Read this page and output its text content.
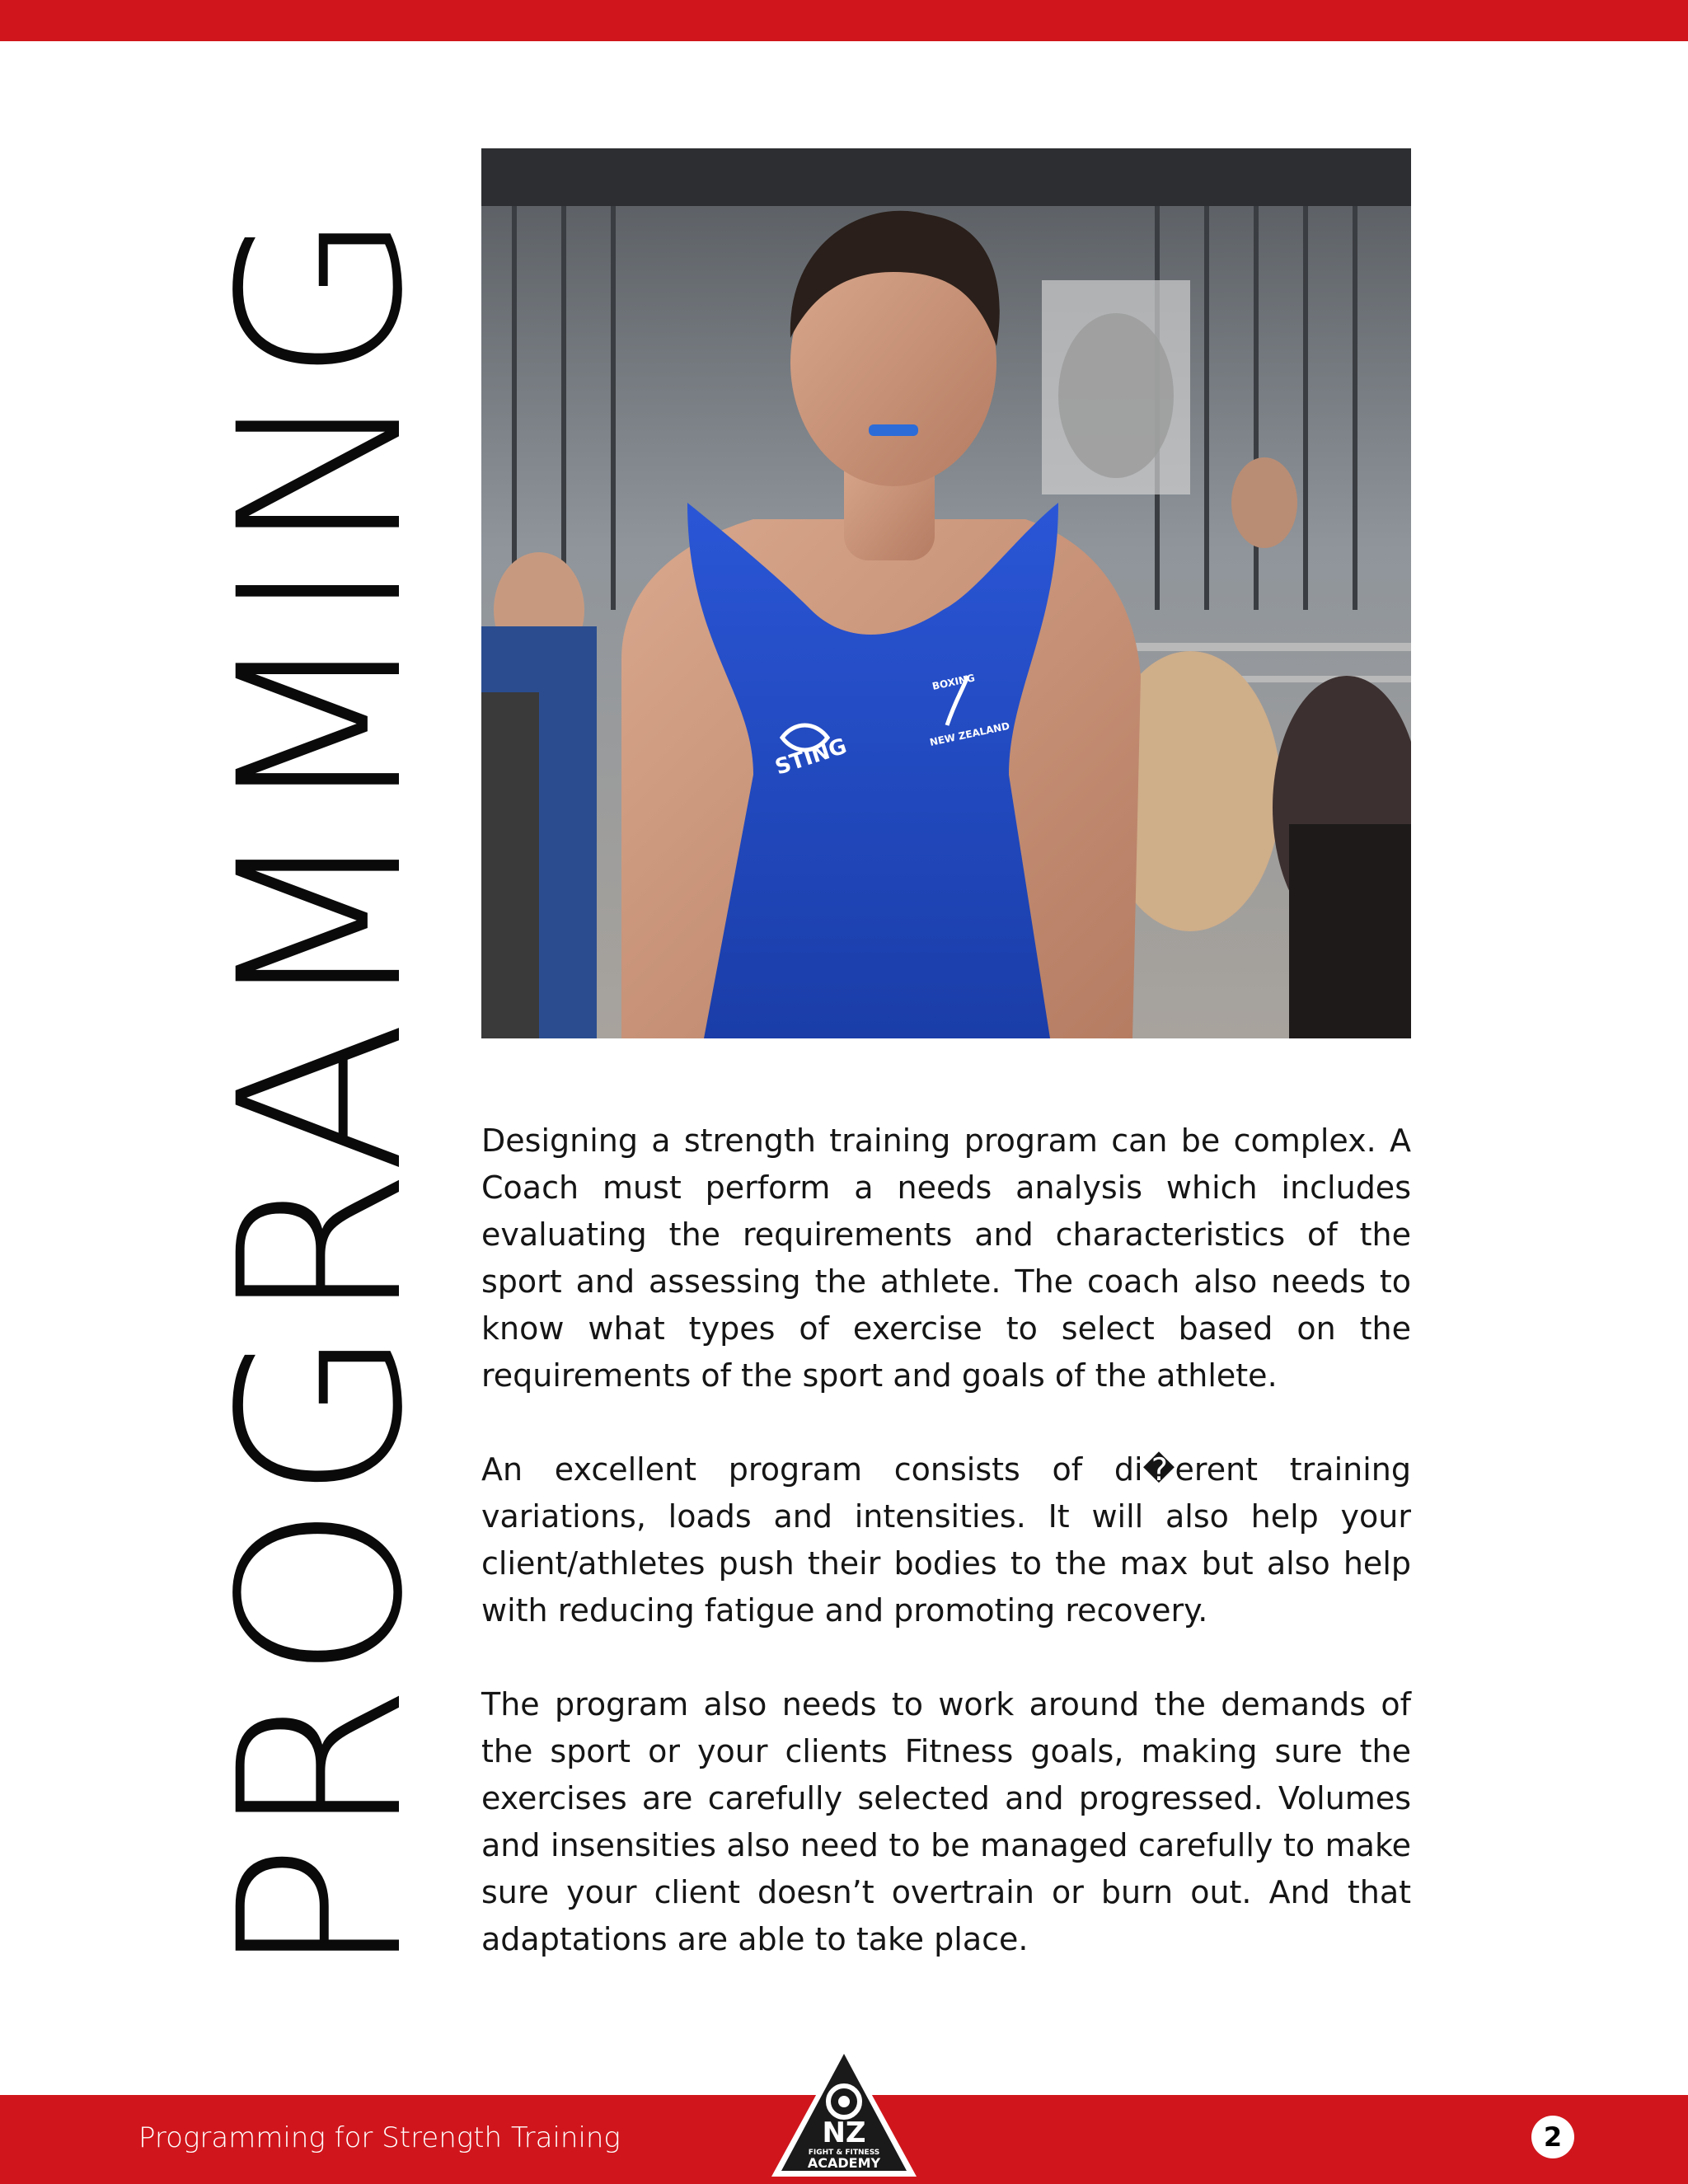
PROGRAMMING	STING
BOXING
NEW ZEALAND

Designing a strength training program can be complex. A Coach must perform a needs analysis which includes evaluating the requirements and characteristics of the sport and assessing the athlete. The coach also needs to know what types of exercise to select based on the requirements of the sport and goals of the athlete.

An excellent program consists of di�erent training variations, loads and intensities. It will also help your client/athletes push their bodies to the max but also help with reducing fatigue and promoting recovery.

The program also needs to work around the demands of the sport or your clients Fitness goals, making sure the exercises are carefully selected and progressed. Volumes and insensities also need to be managed carefully to make sure your client doesn’t overtrain or burn out. And that adaptations are able to take place.

Programming for Strength Training	2
NZ
FIGHT & FITNESS
ACADEMY
